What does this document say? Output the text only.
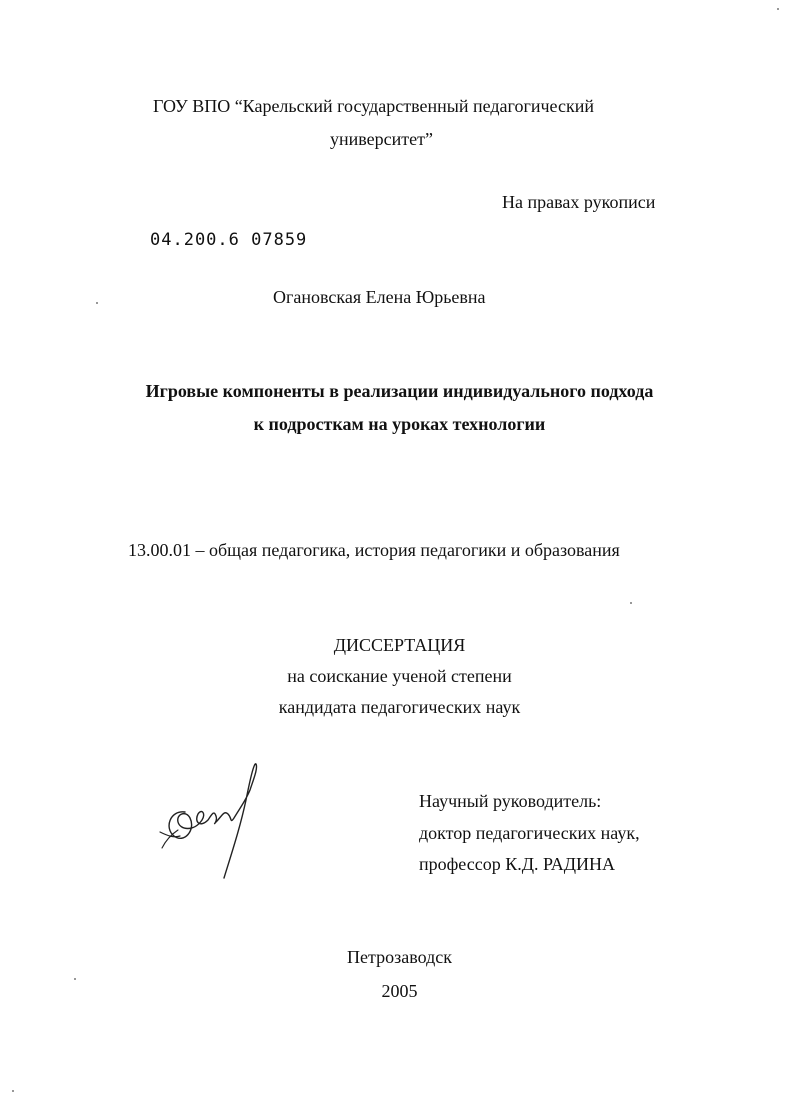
ГОУ ВПО “Карельский государственный педагогический
университет”
На правах рукописи
04.200.6 07859
Огановская Елена Юрьевна
Игровые компоненты в реализации индивидуального подхода
к подросткам на уроках технологии
13.00.01 – общая педагогика, история педагогики и образования
ДИССЕРТАЦИЯ
на соискание ученой степени
кандидата педагогических наук
Научный руководитель:
доктор педагогических наук,
профессор К.Д. РАДИНА
Петрозаводск
2005
